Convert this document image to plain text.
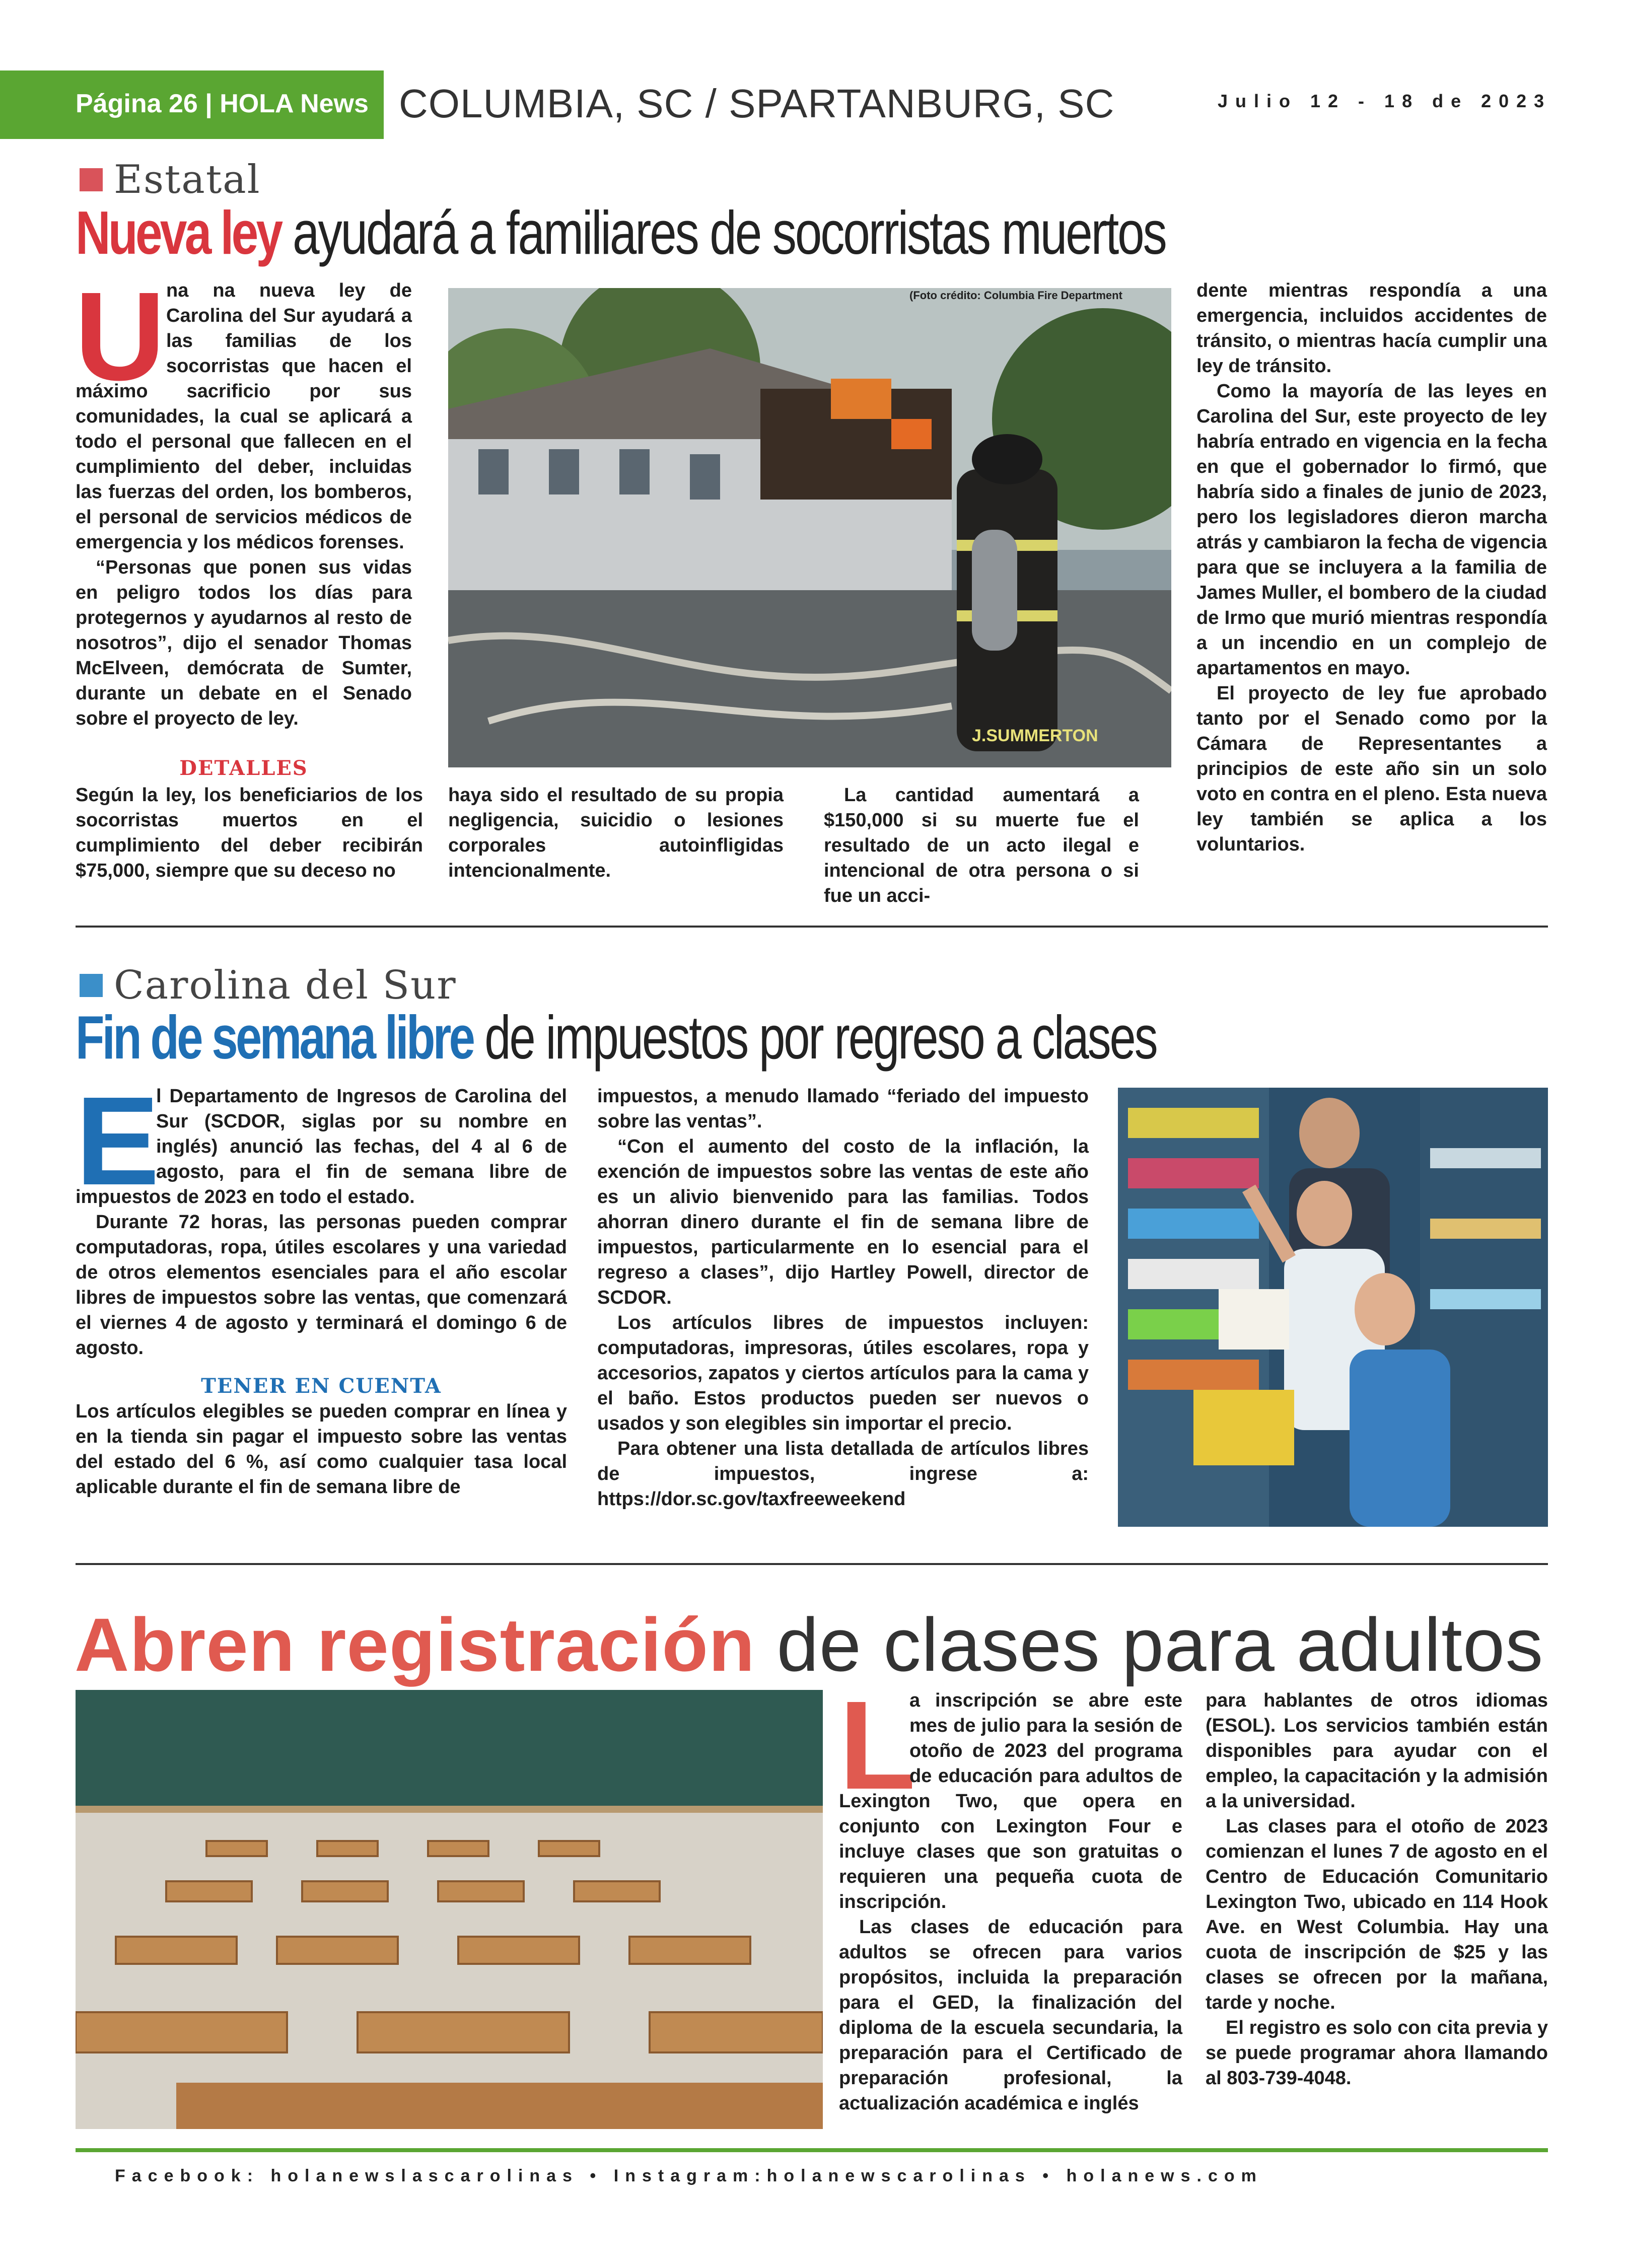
Página 26 | HOLA News COLUMBIA, SC / SPARTANBURG, SC	Julio 12 - 18 de 2023
Estatal
Nueva ley ayudará a familiares de socorristas muertos
U na na nueva ley de Carolina del Sur ayudará a las familias de los socorristas que hacen el máximo sacrificio por sus comunidades, la cual se aplicará a todo el personal que fallecen en el cumplimiento del deber, incluidas las fuerzas del orden, los bomberos, el personal de servicios médicos de emergencia y los médicos forenses.

“Personas que ponen sus vidas en peligro todos los días para protegernos y ayudarnos al resto de nosotros”, dijo el senador Thomas McElveen, demócrata de Sumter, durante un debate en el Senado sobre el proyecto de ley.

J.SUMMERTON
(Foto crédito: Columbia Fire Department
DETALLES

Según la ley, los beneficiarios de los socorristas muertos en el cumplimiento del deber recibirán $75,000, siempre que su deceso no

haya sido el resultado de su propia negligencia, suicidio o lesiones corporales autoinfligidas intencionalmente.

La cantidad aumentará a $150,000 si su muerte fue el resultado de un acto ilegal e intencional de otra persona o si fue un acci-

dente mientras respondía a una emergencia, incluidos accidentes de tránsito, o mientras hacía cumplir una ley de tránsito.

Como la mayoría de las leyes en Carolina del Sur, este proyecto de ley habría entrado en vigencia en la fecha en que el gobernador lo firmó, que habría sido a finales de junio de 2023, pero los legisladores dieron marcha atrás y cambiaron la fecha de vigencia para que se incluyera a la familia de James Muller, el bombero de la ciudad de Irmo que murió mientras respondía a un incendio en un complejo de apartamentos en mayo.

El proyecto de ley fue aprobado tanto por el Senado como por la Cámara de Representantes a principios de este año sin un solo voto en contra en el pleno. Esta nueva ley también se aplica a los voluntarios.

Carolina del Sur
Fin de semana libre de impuestos por regreso a clases
E

l Departamento de Ingresos de Carolina del Sur (SCDOR, siglas por su nombre en inglés) anunció las fechas, del 4 al 6 de agosto, para el fin de semana libre de impuestos de 2023 en todo el estado.

Durante 72 horas, las personas pueden comprar computadoras, ropa, útiles escolares y una variedad de otros elementos esenciales para el año escolar libres de impuestos sobre las ventas, que comenzará el viernes 4 de agosto y terminará el domingo 6 de agosto.

TENER EN CUENTA

Los artículos elegibles se pueden comprar en línea y en la tienda sin pagar el impuesto sobre las ventas del estado del 6 %, así como cualquier tasa local aplicable durante el fin de semana libre de

impuestos, a menudo llamado “feriado del impuesto sobre las ventas”.

“Con el aumento del costo de la inflación, la exención de impuestos sobre las ventas de este año es un alivio bienvenido para las familias. Todos ahorran dinero durante el fin de semana libre de impuestos, particularmente en lo esencial para el regreso a clases”, dijo Hartley Powell, director de SCDOR.

Los artículos libres de impuestos incluyen: computadoras, impresoras, útiles escolares, ropa y accesorios, zapatos y ciertos artículos para la cama y el baño. Estos productos pueden ser nuevos o usados y son elegibles sin importar el precio.

Para obtener una lista detallada de artículos libres de impuestos, ingrese a: https://dor.sc.gov/taxfreeweekend

Abren registración de clases para adultos
L

a inscripción se abre este mes de julio para la sesión de otoño de 2023 del programa de educación para adultos de Lexington Two, que opera en conjunto con Lexington Four e incluye clases que son gratuitas o requieren una pequeña cuota de inscripción.

Las clases de educación para adultos se ofrecen para varios propósitos, incluida la preparación para el GED, la finalización del diploma de la escuela secundaria, la preparación para el Certificado de preparación profesional, la actualización académica e inglés

para hablantes de otros idiomas (ESOL). Los servicios también están disponibles para ayudar con el empleo, la capacitación y la admisión a la universidad.

Las clases para el otoño de 2023 comienzan el lunes 7 de agosto en el Centro de Educación Comunitario Lexington Two, ubicado en 114 Hook Ave. en West Columbia. Hay una cuota de inscripción de $25 y las clases se ofrecen por la mañana, tarde y noche.

El registro es solo con cita previa y se puede programar ahora llamando al 803-739-4048.

Facebook: holanewslascarolinas • Instagram:holanewscarolinas • holanews.com
